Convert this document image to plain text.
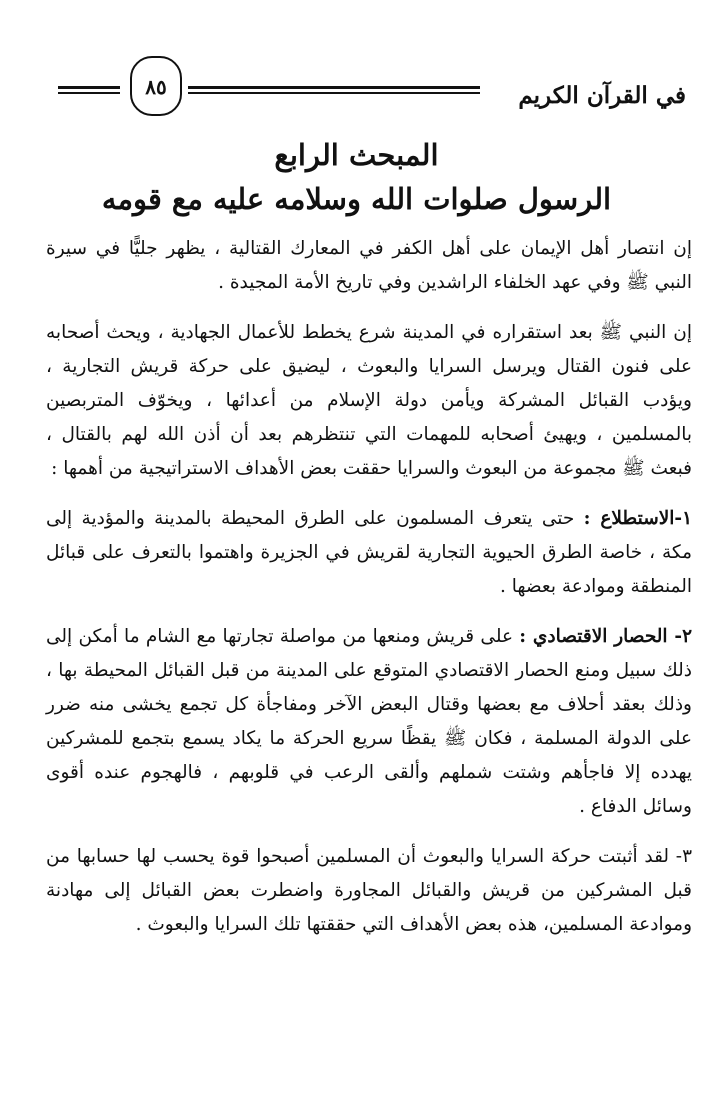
في القرآن الكريم
٨٥
المبحث الرابع
الرسول صلوات الله وسلامه عليه مع قومه

إن انتصار أهل الإيمان على أهل الكفر في المعارك القتالية ، يظهر جليًّا في سيرة النبي ﷺ وفي عهد الخلفاء الراشدين وفي تاريخ الأمة المجيدة .

إن النبي ﷺ بعد استقراره في المدينة شرع يخطط للأعمال الجهادية ، ويحث أصحابه على فنون القتال ويرسل السرايا والبعوث ، ليضيق على حركة قريش التجارية ، ويؤدب القبائل المشركة ويأمن دولة الإسلام من أعدائها ، ويخوّف المتربصين بالمسلمين ، ويهيئ أصحابه للمهمات التي تنتظرهم بعد أن أذن الله لهم بالقتال ، فبعث ﷺ مجموعة من البعوث والسرايا حققت بعض الأهداف الاستراتيجية من أهمها :

١-الاستطلاع : حتى يتعرف المسلمون على الطرق المحيطة بالمدينة والمؤدية إلى مكة ، خاصة الطرق الحيوية التجارية لقريش في الجزيرة واهتموا بالتعرف على قبائل المنطقة وموادعة بعضها .

٢- الحصار الاقتصادي : على قريش ومنعها من مواصلة تجارتها مع الشام ما أمكن إلى ذلك سبيل ومنع الحصار الاقتصادي المتوقع على المدينة من قبل القبائل المحيطة بها ، وذلك بعقد أحلاف مع بعضها وقتال البعض الآخر ومفاجأة كل تجمع يخشى منه ضرر على الدولة المسلمة ، فكان ﷺ يقظًا سريع الحركة ما يكاد يسمع بتجمع للمشركين يهدده إلا فاجأهم وشتت شملهم وألقى الرعب في قلوبهم ، فالهجوم عنده أقوى وسائل الدفاع .

٣- لقد أثبتت حركة السرايا والبعوث أن المسلمين أصبحوا قوة يحسب لها حسابها من قبل المشركين من قريش والقبائل المجاورة واضطرت بعض القبائل إلى مهادنة وموادعة المسلمين، هذه بعض الأهداف التي حققتها تلك السرايا والبعوث .
